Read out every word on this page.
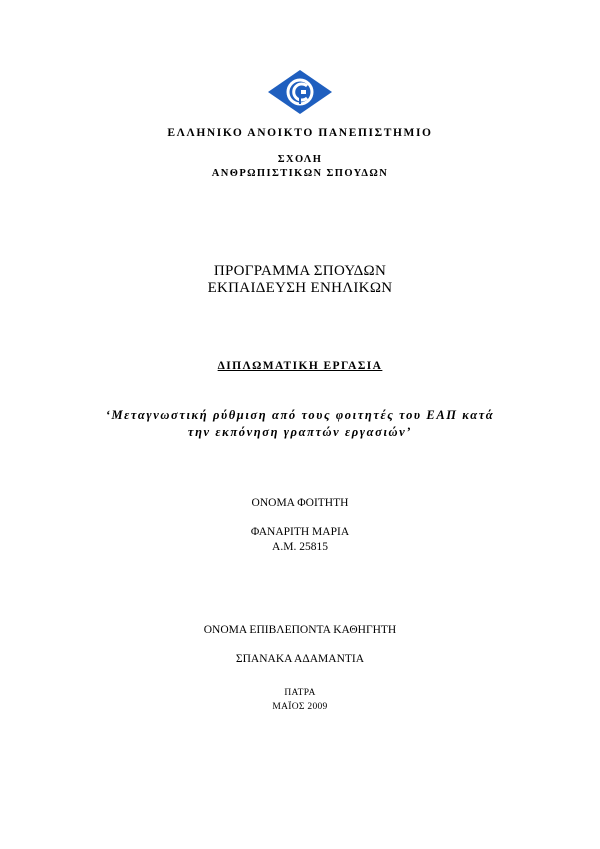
ΕΛΛΗΝΙΚΟ ΑΝΟΙΚΤΟ ΠΑΝΕΠΙΣΤΗΜΙΟ
ΣΧΟΛΗ
ΑΝΘΡΩΠΙΣΤΙΚΩΝ ΣΠΟΥΔΩΝ
ΠΡΟΓΡΑΜΜΑ ΣΠΟΥΔΩΝ
ΕΚΠΑΙΔΕΥΣΗ ΕΝΗΛΙΚΩΝ
ΔΙΠΛΩΜΑΤΙΚΗ ΕΡΓΑΣΙΑ
‘Μεταγνωστική ρύθμιση από τους φοιτητές του ΕΑΠ κατά
την εκπόνηση γραπτών εργασιών’
ΟΝΟΜΑ ΦΟΙΤΗΤΗ
ΦΑΝΑΡΙΤΗ ΜΑΡΙΑ
Α.Μ. 25815
ΟΝΟΜΑ ΕΠΙΒΛΕΠΟΝΤΑ ΚΑΘΗΓΗΤΗ
ΣΠΑΝΑΚΑ ΑΔΑΜΑΝΤΙΑ
ΠΑΤΡΑ
ΜΑΪΟΣ 2009
